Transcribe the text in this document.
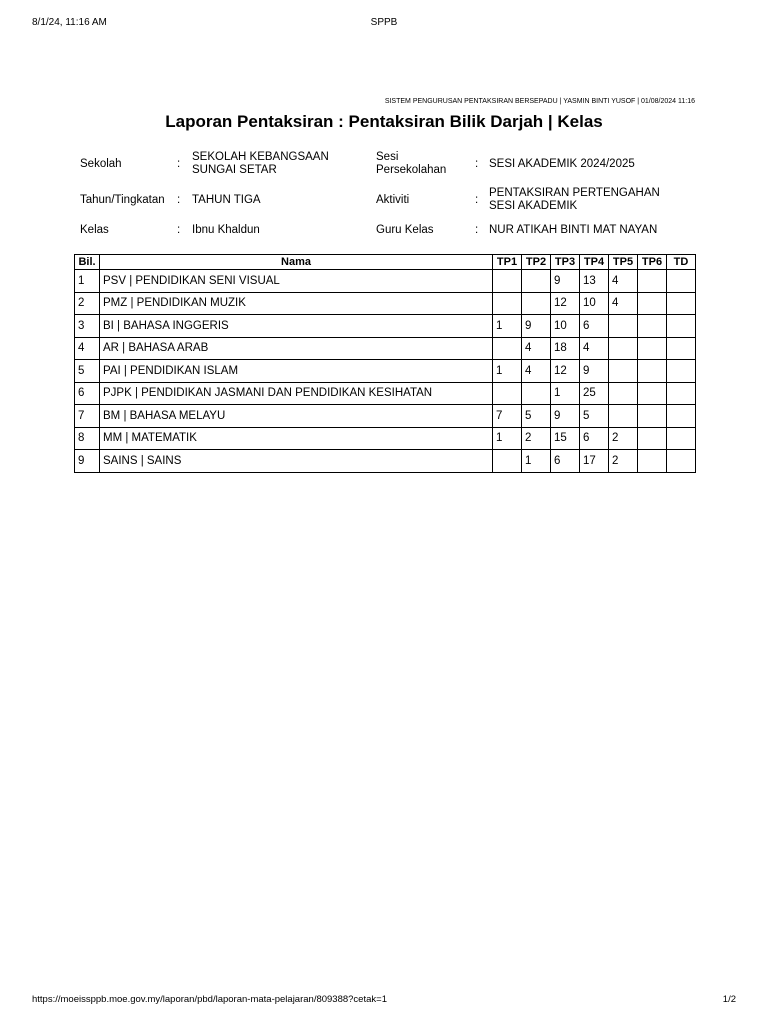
8/1/24, 11:16 AM	SPPB
SISTEM PENGURUSAN PENTAKSIRAN BERSEPADU | YASMIN BINTI YUSOF | 01/08/2024 11:16
Laporan Pentaksiran : Pentaksiran Bilik Darjah | Kelas
Sekolah	:
SEKOLAH KEBANGSAAN SUNGAI SETAR
Sesi Persekolahan	: SESI AKADEMIK 2024/2025
Tahun/Tingkatan : TAHUN TIGA	Aktiviti	:
PENTAKSIRAN PERTENGAHAN SESI AKADEMIK
Kelas	: Ibnu Khaldun	Guru Kelas	: NUR ATIKAH BINTI MAT NAYAN
Bil.	Nama	TP1	TP2	TP3	TP4	TP5	TP6	TD
1	PSV | PENDIDIKAN SENI VISUAL			9	13	4		
2	PMZ | PENDIDIKAN MUZIK			12	10	4		
3	BI | BAHASA INGGERIS	1	9	10	6			
4	AR | BAHASA ARAB		4	18	4			
5	PAI | PENDIDIKAN ISLAM	1	4	12	9			
6	PJPK | PENDIDIKAN JASMANI DAN PENDIDIKAN KESIHATAN			1	25			
7	BM | BAHASA MELAYU	7	5	9	5			
8	MM | MATEMATIK	1	2	15	6	2		
9	SAINS | SAINS		1	6	17	2		
https://moeissppb.moe.gov.my/laporan/pbd/laporan-mata-pelajaran/809388?cetak=1	1/2
